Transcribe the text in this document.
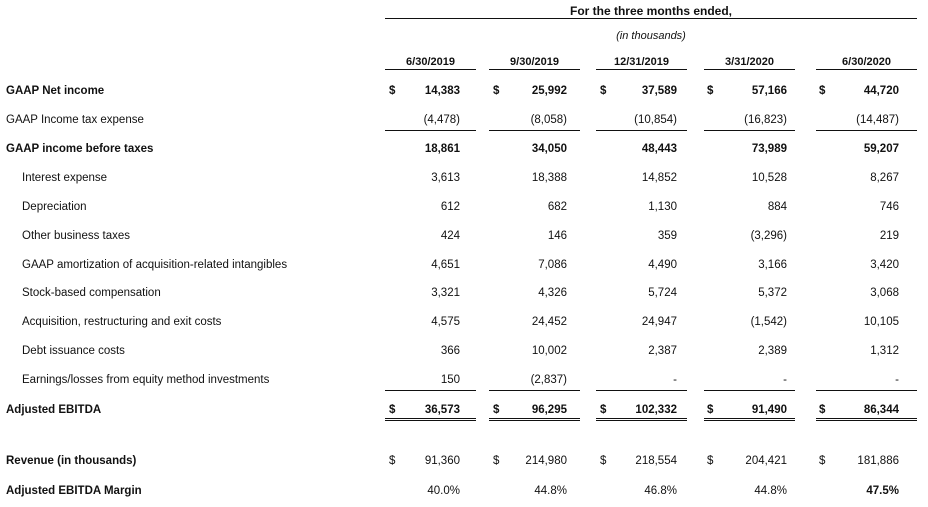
For the three months ended,
(in thousands)
6/30/2019	9/30/2019	12/31/2019	3/31/2020	6/30/2020
GAAP Net income	$	14,383	$	25,992	$	37,589	$	57,166	$	44,720
GAAP Income tax expense	(4,478)	(8,058)	(10,854)	(16,823)	(14,487)
GAAP income before taxes	18,861	34,050	48,443	73,989	59,207
Interest expense	3,613	18,388	14,852	10,528	8,267
Depreciation	612	682	1,130	884	746
Other business taxes	424	146	359	(3,296)	219
GAAP amortization of acquisition-related intangibles	4,651	7,086	4,490	3,166	3,420
Stock-based compensation	3,321	4,326	5,724	5,372	3,068
Acquisition, restructuring and exit costs	4,575	24,452	24,947	(1,542)	10,105
Debt issuance costs	366	10,002	2,387	2,389	1,312
Earnings/losses from equity method investments	150	(2,837)	-	-	-
Adjusted EBITDA	$	36,573	$	96,295	$	102,332	$	91,490	$	86,344
Revenue (in thousands)	$	91,360	$	214,980	$	218,554	$	204,421	$	181,886
Adjusted EBITDA Margin	40.0%	44.8%	46.8%	44.8%	47.5%
